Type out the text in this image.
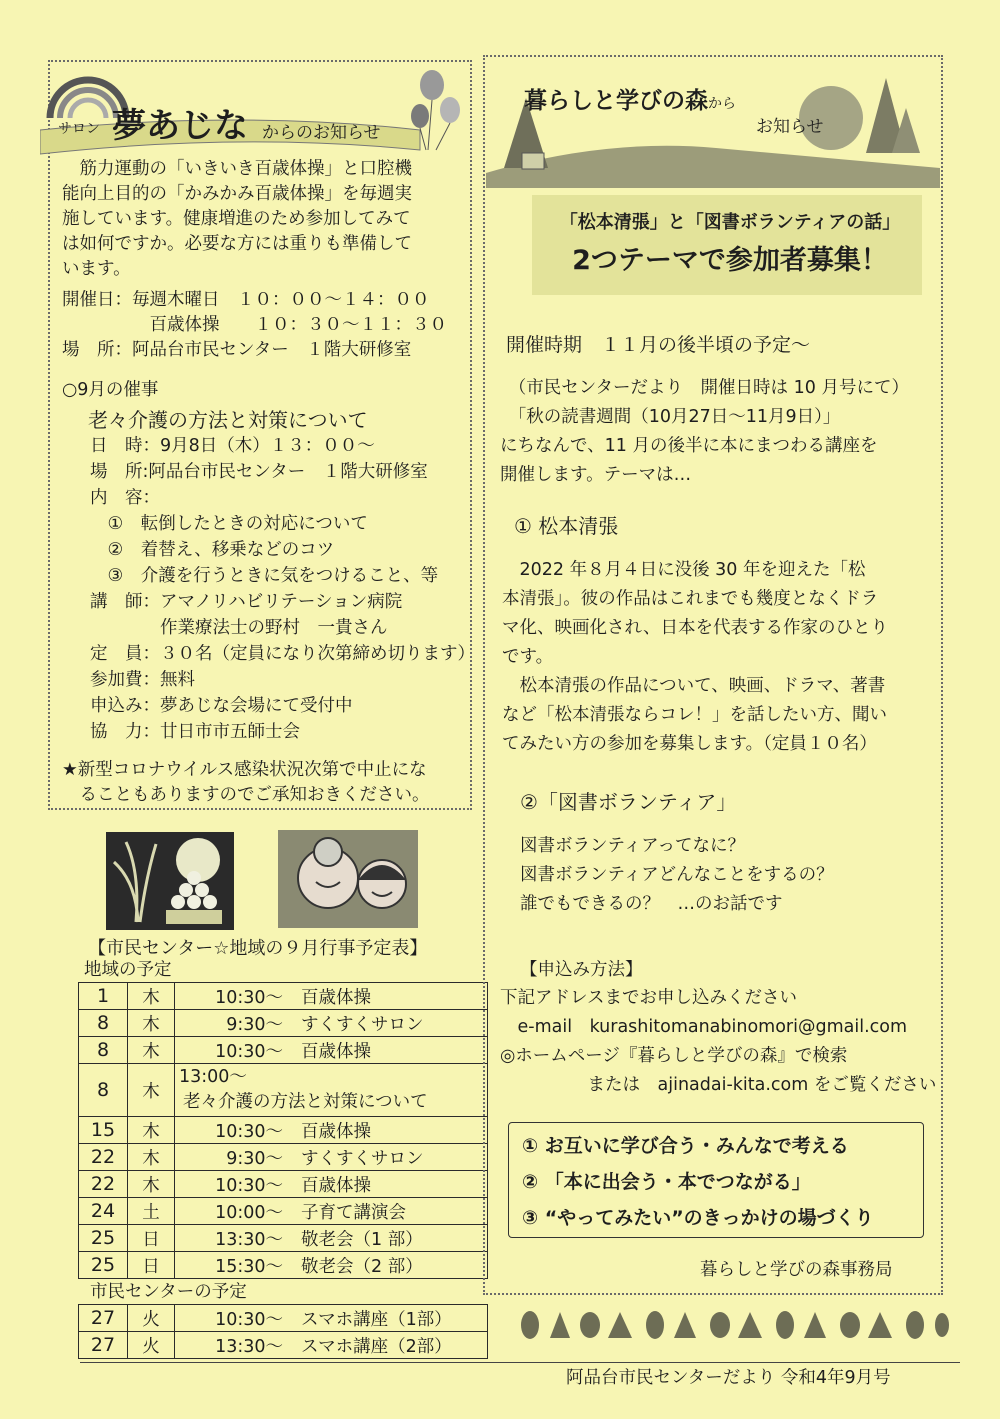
サロン 夢あじな からのお知らせ
　筋力運動の「いきいき百歳体操」と口腔機
能向上目的の「かみかみ百歳体操」を毎週実
施しています。健康増進のため参加してみて
は如何ですか。必要な方には重りも準備して
います。
開催日：毎週木曜日　１０：００～１４：００
　　　　　百歳体操　　１０：３０～１１：３０
場　所：阿品台市民センター　１階大研修室
○9月の催事
老々介護の方法と対策について
日　時：9月8日（木）１３：００～
場　所:阿品台市民センター　１階大研修室
内　容：
　①　転倒したときの対応について
　②　着替え、移乗などのコツ
　③　介護を行うときに気をつけること、等
講　師：アマノリハビリテーション病院
　　　　作業療法士の野村　一貴さん
定　員：３０名（定員になり次第締め切ります）
参加費：無料
申込み：夢あじな会場にて受付中
協　力：廿日市市五師士会
★新型コロナウイルス感染状況次第で中止にな
　ることもありますのでご承知おきください。
【市民センター☆地域の９月行事予定表】
地域の予定
1	木	10:30～ 百歳体操
8	木	9:30～ すくすくサロン
8	木	10:30～ 百歳体操
8	木	13:00～
老々介護の方法と対策について

15	木	10:30～ 百歳体操
22	木	9:30～ すくすくサロン
22	木	10:30～ 百歳体操
24	土	10:00～ 子育て講演会
25	日	13:30～ 敬老会（1 部）
25	日	15:30～ 敬老会（2 部）
市民センターの予定
27	火	10:30～ スマホ講座（1部）
27	火	13:30～ スマホ講座（2部）
暮らしと学びの森から
お知らせ
「松本清張」と「図書ボランティアの話」
2つテーマで参加者募集！
開催時期　１１月の後半頃の予定～
　（市民センターだより　開催日時は 10 月号にて）
　「秋の読書週間（10月27日～11月9日）」
にちなんで、11 月の後半に本にまつわる講座を
開催します。テーマは…
① 松本清張
　2022 年８月４日に没後 30 年を迎えた「松
本清張」。彼の作品はこれまでも幾度となくドラ
マ化、映画化され、日本を代表する作家のひとり
です。
　松本清張の作品について、映画、ドラマ、著書
など「松本清張ならコレ！」を話したい方、聞い
てみたい方の参加を募集します。（定員１０名）
②「図書ボランティア」
図書ボランティアってなに？
図書ボランティアどんなことをするの？
誰でもできるの？　…のお話です
【申込み方法】
下記アドレスまでお申し込みください
　e-mail　kurashitomanabinomori@gmail.com
◎ホームページ『暮らしと学びの森』で検索
　　　　　または　ajinadai-kita.com をご覧ください
① お互いに学び合う・みんなで考える
② 「本に出会う・本でつながる」
③ “やってみたい”のきっかけの場づくり
暮らしと学びの森事務局
阿品台市民センターだより 令和4年9月号
